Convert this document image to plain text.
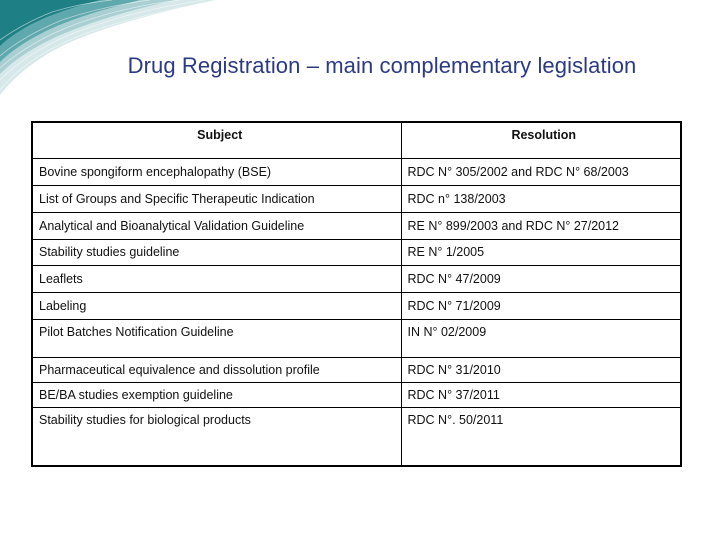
Drug Registration – main complementary legislation
Subject	Resolution
Bovine spongiform encephalopathy (BSE)	RDC N° 305/2002 and RDC N° 68/2003
List of Groups and Specific Therapeutic Indication	RDC n° 138/2003
Analytical and Bioanalytical Validation Guideline	RE N° 899/2003 and RDC N° 27/2012
Stability studies guideline	RE N° 1/2005
Leaflets	RDC N° 47/2009
Labeling	RDC N° 71/2009
Pilot Batches Notification Guideline	IN N° 02/2009
Pharmaceutical equivalence and dissolution profile	RDC N° 31/2010
BE/BA studies exemption guideline	RDC N° 37/2011
Stability studies for biological products	RDC N°. 50/2011
